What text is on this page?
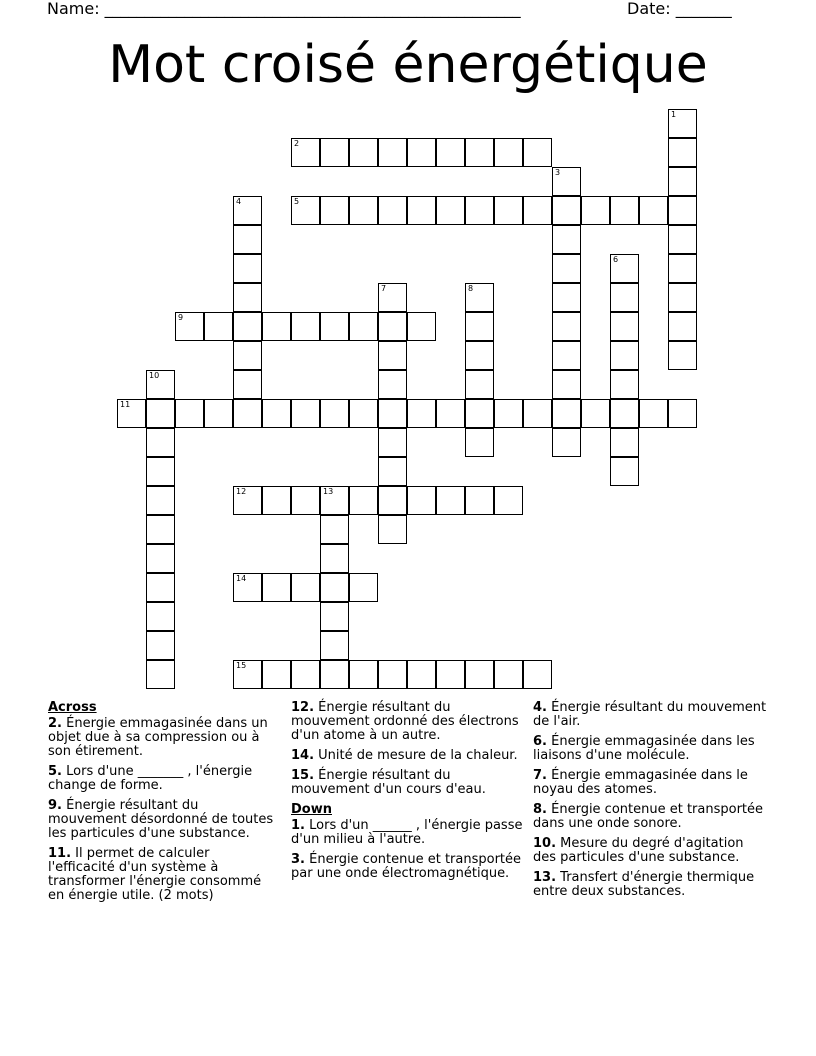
Name: ____________________________________________________	Date: _______
Mot croisé énergétique
1
2
3
4	5
6
7	8
9
10
11
12	13
14
15
Across
2. Énergie emmagasinée dans un objet due à sa compression ou à son étirement.
5. Lors d'une _______ , l'énergie change de forme.
9. Énergie résultant du mouvement désordonné de toutes les particules d'une substance.
11. Il permet de calculer l'efficacité d'un système à transformer l'énergie consommé en énergie utile. (2 mots)
12. Énergie résultant du mouvement ordonné des électrons d'un atome à un autre.
14. Unité de mesure de la chaleur.
15. Énergie résultant du mouvement d'un cours d'eau.
Down
1. Lors d'un ______ , l'énergie passe d'un milieu à l'autre.
3. Énergie contenue et transportée par une onde électromagnétique.
4. Énergie résultant du mouvement de l'air.
6. Énergie emmagasinée dans les liaisons d'une molécule.
7. Énergie emmagasinée dans le noyau des atomes.
8. Énergie contenue et transportée dans une onde sonore.
10. Mesure du degré d'agitation des particules d'une substance.
13. Transfert d'énergie thermique entre deux substances.
